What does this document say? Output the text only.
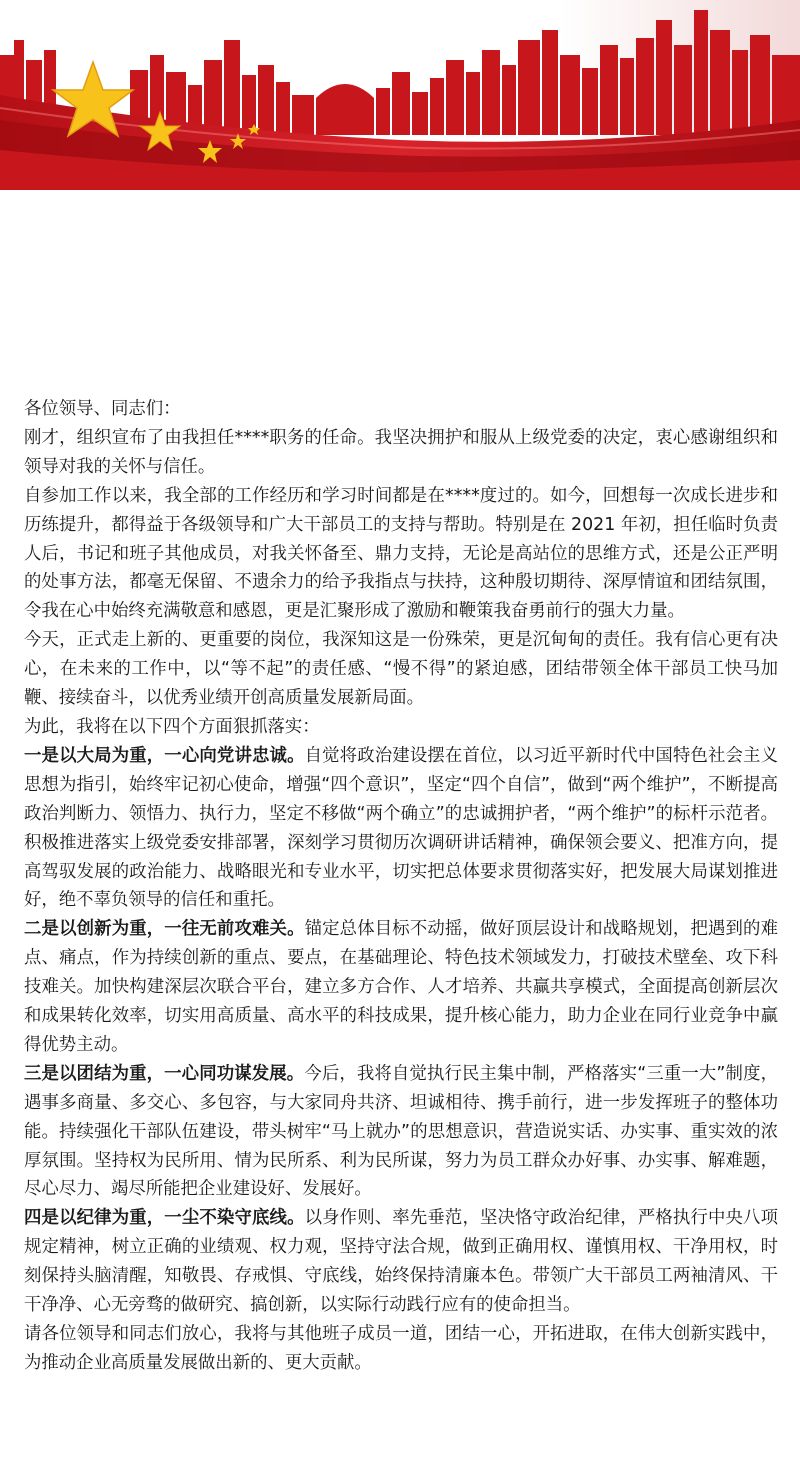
各位领导、同志们：

刚才，组织宣布了由我担任****职务的任命。我坚决拥护和服从上级党委的决定，衷心感谢组织和领导对我的关怀与信任。

自参加工作以来，我全部的工作经历和学习时间都是在****度过的。如今，回想每一次成长进步和历练提升，都得益于各级领导和广大干部员工的支持与帮助。特别是在 2021 年初，担任临时负责人后，书记和班子其他成员，对我关怀备至、鼎力支持，无论是高站位的思维方式，还是公正严明的处事方法，都毫无保留、不遗余力的给予我指点与扶持，这种殷切期待、深厚情谊和团结氛围，令我在心中始终充满敬意和感恩，更是汇聚形成了激励和鞭策我奋勇前行的强大力量。

今天，正式走上新的、更重要的岗位，我深知这是一份殊荣，更是沉甸甸的责任。我有信心更有决心，在未来的工作中，以“等不起”的责任感、“慢不得”的紧迫感，团结带领全体干部员工快马加鞭、接续奋斗，以优秀业绩开创高质量发展新局面。

为此，我将在以下四个方面狠抓落实：

一是以大局为重，一心向党讲忠诚。自觉将政治建设摆在首位，以习近平新时代中国特色社会主义思想为指引，始终牢记初心使命，增强“四个意识”，坚定“四个自信”，做到“两个维护”，不断提高政治判断力、领悟力、执行力，坚定不移做“两个确立”的忠诚拥护者，“两个维护”的标杆示范者。积极推进落实上级党委安排部署，深刻学习贯彻历次调研讲话精神，确保领会要义、把准方向，提高驾驭发展的政治能力、战略眼光和专业水平，切实把总体要求贯彻落实好，把发展大局谋划推进好，绝不辜负领导的信任和重托。

二是以创新为重，一往无前攻难关。锚定总体目标不动摇，做好顶层设计和战略规划，把遇到的难点、痛点，作为持续创新的重点、要点，在基础理论、特色技术领域发力，打破技术壁垒、攻下科技难关。加快构建深层次联合平台，建立多方合作、人才培养、共赢共享模式，全面提高创新层次和成果转化效率，切实用高质量、高水平的科技成果，提升核心能力，助力企业在同行业竞争中赢得优势主动。

三是以团结为重，一心同功谋发展。今后，我将自觉执行民主集中制，严格落实“三重一大”制度，遇事多商量、多交心、多包容，与大家同舟共济、坦诚相待、携手前行，进一步发挥班子的整体功能。持续强化干部队伍建设，带头树牢“马上就办”的思想意识，营造说实话、办实事、重实效的浓厚氛围。坚持权为民所用、情为民所系、利为民所谋，努力为员工群众办好事、办实事、解难题，尽心尽力、竭尽所能把企业建设好、发展好。

四是以纪律为重，一尘不染守底线。以身作则、率先垂范，坚决恪守政治纪律，严格执行中央八项规定精神，树立正确的业绩观、权力观，坚持守法合规，做到正确用权、谨慎用权、干净用权，时刻保持头脑清醒，知敬畏、存戒惧、守底线，始终保持清廉本色。带领广大干部员工两袖清风、干干净净、心无旁骛的做研究、搞创新，以实际行动践行应有的使命担当。

请各位领导和同志们放心，我将与其他班子成员一道，团结一心，开拓进取，在伟大创新实践中，为推动企业高质量发展做出新的、更大贡献。
